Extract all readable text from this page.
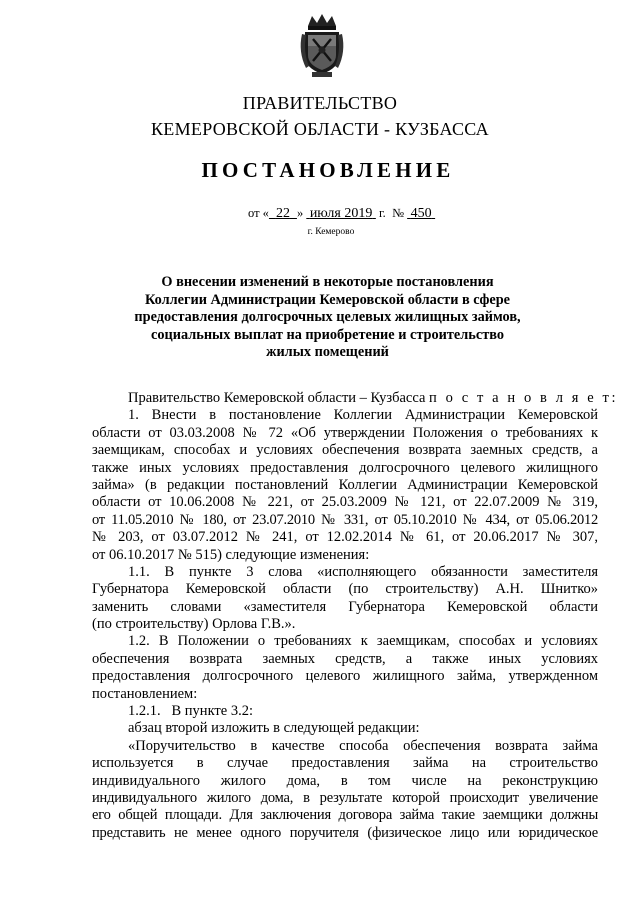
ПРАВИТЕЛЬСТВО
КЕМЕРОВСКОЙ ОБЛАСТИ - КУЗБАССА
ПОСТАНОВЛЕНИЕ
от « 22 » июля 2019 г. № 450
г. Кемерово
О внесении изменений в некоторые постановления
Коллегии Администрации Кемеровской области в сфере
предоставления долгосрочных целевых жилищных займов,
социальных выплат на приобретение и строительство
жилых помещений
Правительство Кемеровской области – Кузбасса п о с т а н о в л я е т:
1. Внести в постановление Коллегии Администрации Кемеровской
области от 03.03.2008 № 72 «Об утверждении Положения о требованиях к
заемщикам, способах и условиях обеспечения возврата заемных средств, а
также иных условиях предоставления долгосрочного целевого жилищного
займа» (в редакции постановлений Коллегии Администрации Кемеровской
области от 10.06.2008 № 221, от 25.03.2009 № 121, от 22.07.2009 № 319,
от 11.05.2010 № 180, от 23.07.2010 № 331, от 05.10.2010 № 434, от 05.06.2012
№ 203, от 03.07.2012 № 241, от 12.02.2014 № 61, от 20.06.2017 № 307,
от 06.10.2017 № 515) следующие изменения:
1.1. В пункте 3 слова «исполняющего обязанности заместителя
Губернатора Кемеровской области (по строительству) А.Н. Шнитко»
заменить словами «заместителя Губернатора Кемеровской области
(по строительству) Орлова Г.В.».
1.2. В Положении о требованиях к заемщикам, способах и условиях
обеспечения возврата заемных средств, а также иных условиях
предоставления долгосрочного целевого жилищного займа, утвержденном
постановлением:
1.2.1.   В пункте 3.2:
абзац второй изложить в следующей редакции:
«Поручительство в качестве способа обеспечения возврата займа
используется в случае предоставления займа на строительство
индивидуального жилого дома, в том числе на реконструкцию
индивидуального жилого дома, в результате которой происходит увеличение
его общей площади. Для заключения договора займа такие заемщики должны
представить не менее одного поручителя (физическое лицо или юридическое
